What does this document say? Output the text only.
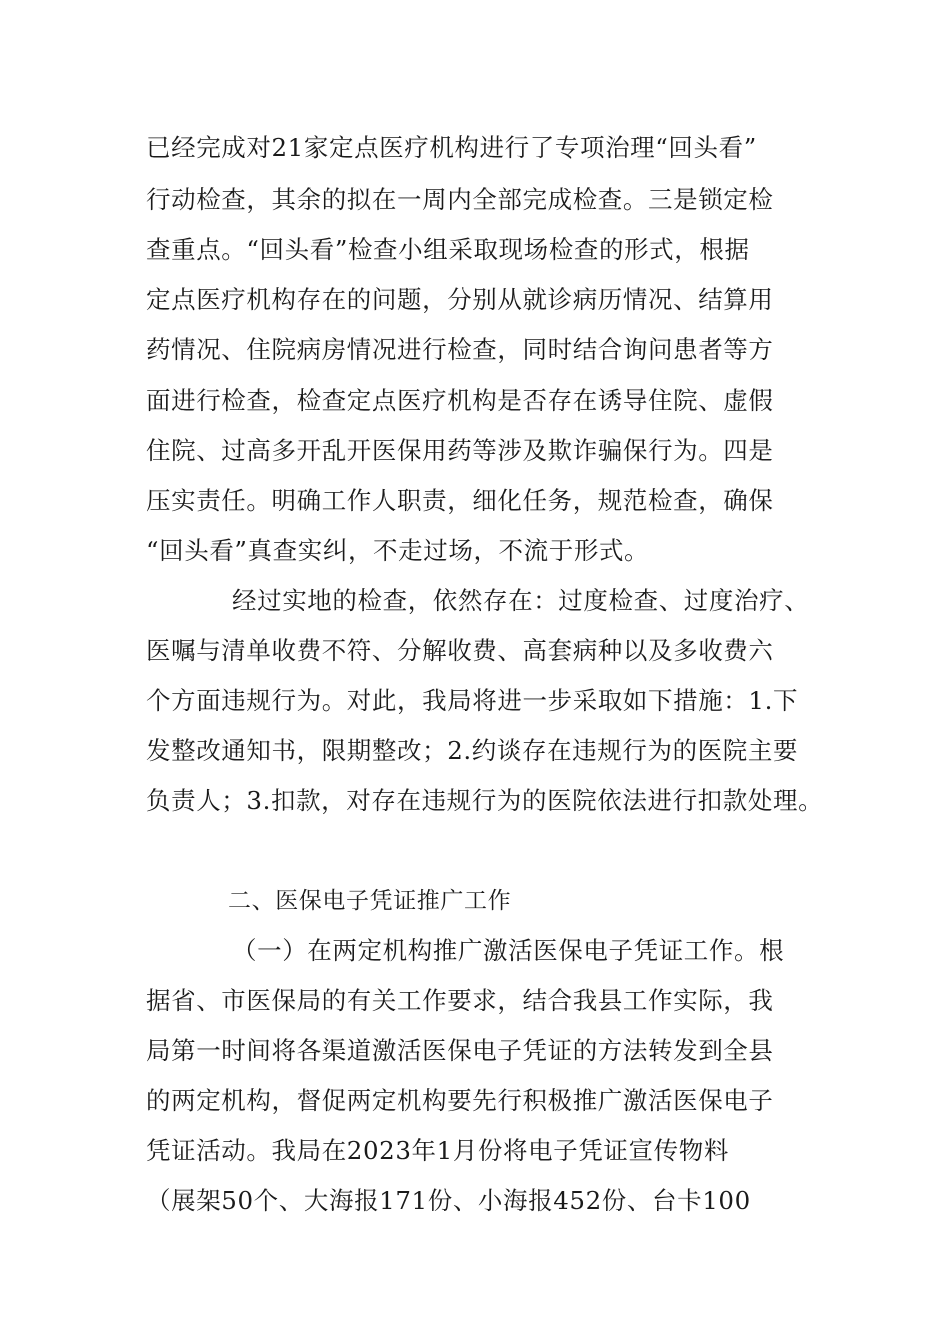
已经完成对21家定点医疗机构进行了专项治理“回头看”
行动检查，其余的拟在一周内全部完成检查。三是锁定检
查重点。“回头看”检查小组采取现场检查的形式，根据
定点医疗机构存在的问题，分别从就诊病历情况、结算用
药情况、住院病房情况进行检查，同时结合询问患者等方
面进行检查，检查定点医疗机构是否存在诱导住院、虚假
住院、过高多开乱开医保用药等涉及欺诈骗保行为。四是
压实责任。明确工作人职责，细化任务，规范检查，确保
“回头看”真查实纠，不走过场，不流于形式。
经过实地的检查，依然存在：过度检查、过度治疗、
医嘱与清单收费不符、分解收费、高套病种以及多收费六
个方面违规行为。对此，我局将进一步采取如下措施：1.下
发整改通知书，限期整改；2.约谈存在违规行为的医院主要
负责人；3.扣款，对存在违规行为的医院依法进行扣款处理。
二、医保电子凭证推广工作
（一）在两定机构推广激活医保电子凭证工作。根
据省、市医保局的有关工作要求，结合我县工作实际，我
局第一时间将各渠道激活医保电子凭证的方法转发到全县
的两定机构，督促两定机构要先行积极推广激活医保电子
凭证活动。我局在2023年1月份将电子凭证宣传物料
（展架50个、大海报171份、小海报452份、台卡100
